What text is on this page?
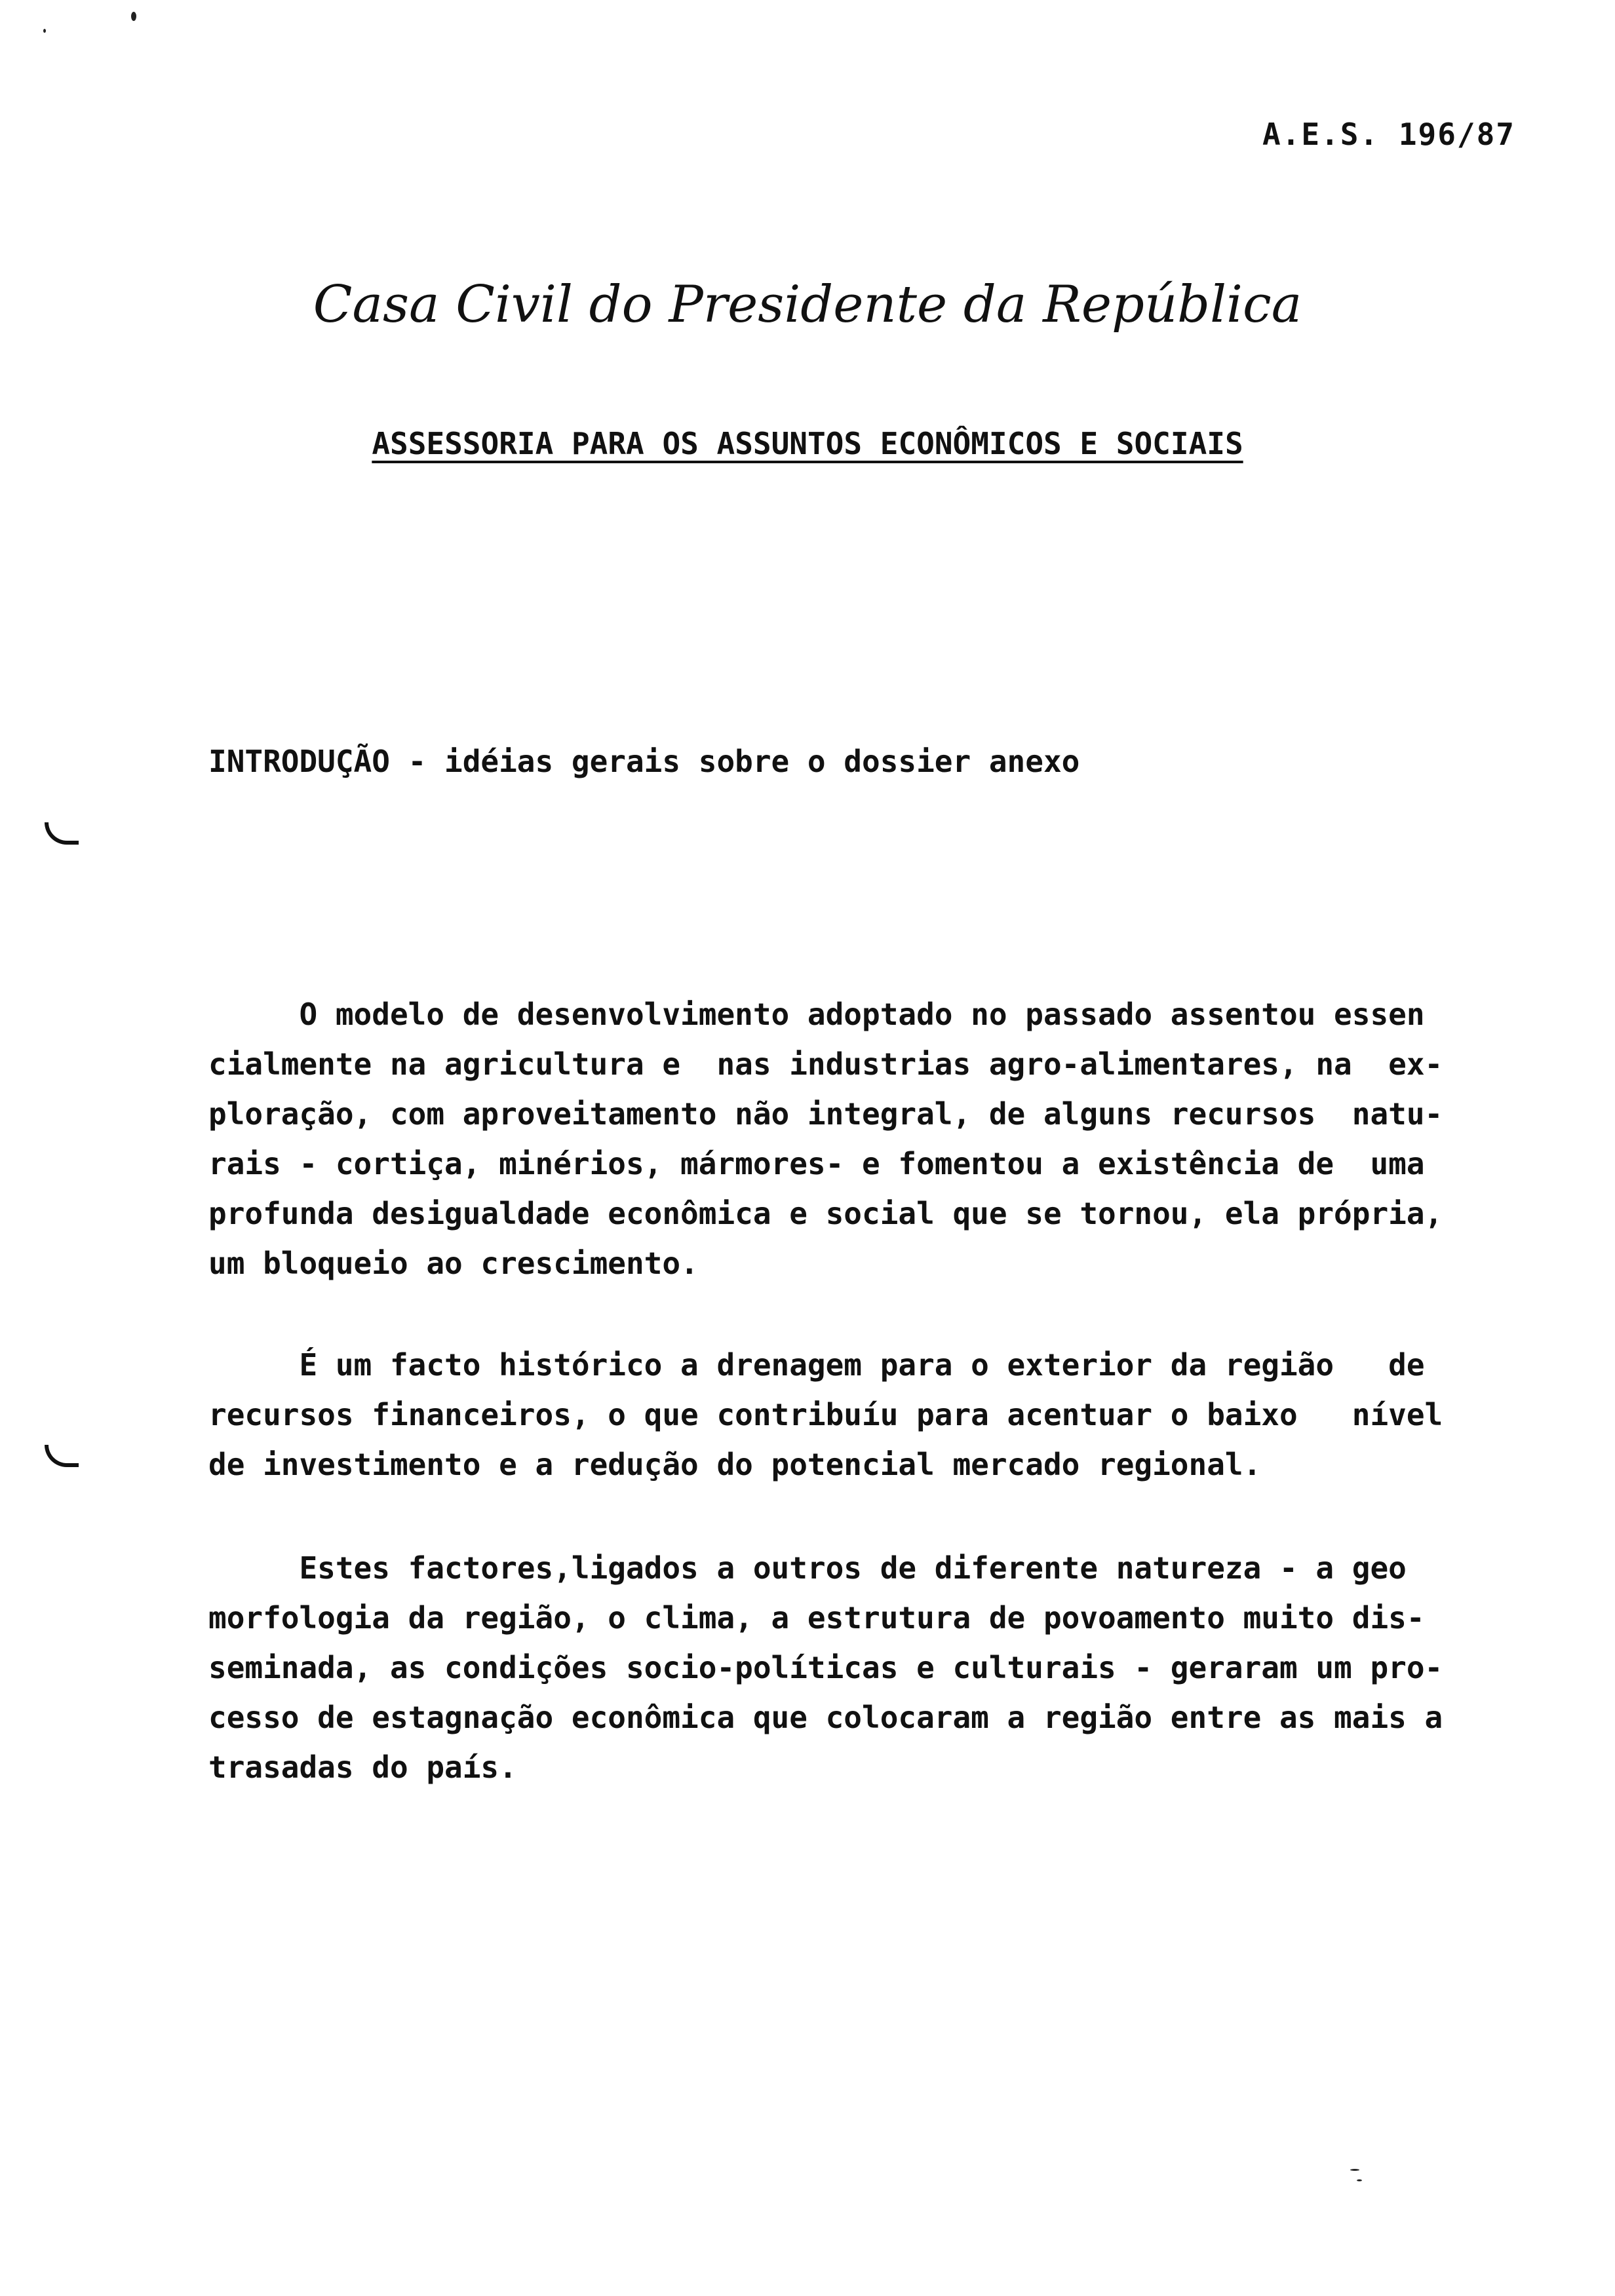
A.E.S. 196/87
Casa Civil do Presidente da República
ASSESSORIA PARA OS ASSUNTOS ECONÔMICOS E SOCIAIS
INTRODUÇÃO - idéias gerais sobre o dossier anexo
O modelo de desenvolvimento adoptado no passado assentou essen
cialmente na agricultura e  nas industrias agro-alimentares, na  ex-
ploração, com aproveitamento não integral, de alguns recursos  natu-
rais - cortiça, minérios, mármores- e fomentou a existência de  uma
profunda desigualdade econômica e social que se tornou, ela própria,
um bloqueio ao crescimento.
É um facto histórico a drenagem para o exterior da região   de
recursos financeiros, o que contribuíu para acentuar o baixo   nível
de investimento e a redução do potencial mercado regional.
Estes factores,ligados a outros de diferente natureza - a geo
morfologia da região, o clima, a estrutura de povoamento muito dis-
seminada, as condições socio-políticas e culturais - geraram um pro-
cesso de estagnação econômica que colocaram a região entre as mais a
trasadas do país.
